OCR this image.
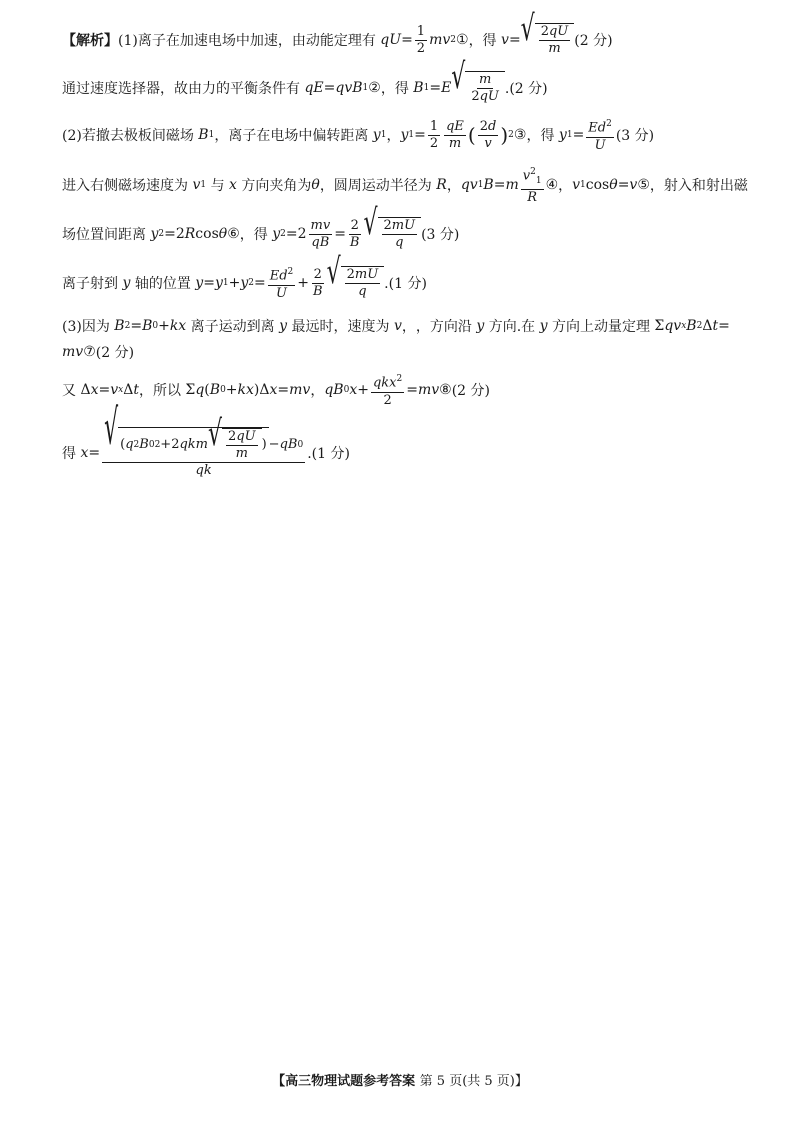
【解析】 (1)离子在加速电场中加速，由动能定理有
qU = $\frac{1}{2}$ mv 2 ① ，得
v = √ $\frac{2qU}{m} (2$ 分)
通过速度选择器，故由力的平衡条件有
qE = qvB 1 ② ，得
B 1 = E √ $\frac{m}{2qU} .(2$ 分)
(2)若撤去极板间磁场
B 1 ，离子在电场中偏转距离
y 1 ， y $1 = \frac{1}{2} \frac{qE}{m}$ ( $\frac{2d}{v}$ ) 2 ③ ，得
y $1 = \frac{Ed^2}{U} (3$ 分)
进入右侧磁场速度为
v 1
与
x
方向夹角为 θ ，圆周运动半径为
R ， qv 1 B = m $\frac{v^2_1}{R}$ ④ ， v 1 cos θ = v ⑤ ，射入和射出磁
场位置间距离
y 2 =2 R cos θ ⑥ ，得
y $2 =2 \frac{mv}{qB} = \frac{2}{B}$ √ $\frac{2mU}{q} (3$ 分)
离子射到
y
轴的位置
y = y 1 + y $2 = \frac{Ed^2}{U} + \frac{2}{B}$ √ $\frac{2mU}{q} .(1$ 分)
(3)因为
B 2 = B 0 + kx
离子运动到离
y
最远时，速度为
v ， ，方向沿
y
方向.在
y
方向上动量定理 Σ qv x B 2 Δ t =
mv ⑦ (2 分)
又 Δ x = v x Δ t ，所以 Σ q ( B 0 + kx )Δ x = mv ， qB 0 $x + \frac{qkx^2}{2}$ = mv ⑧ (2 分)
得
$x = \frac{√ ( q 2 B 0 2 +2 qkm √ \frac{2qU}{m} ) - qB 0}{qk} .(1$ 分)
【高三物理试题参考答案 第 5 页(共 5 页)】
